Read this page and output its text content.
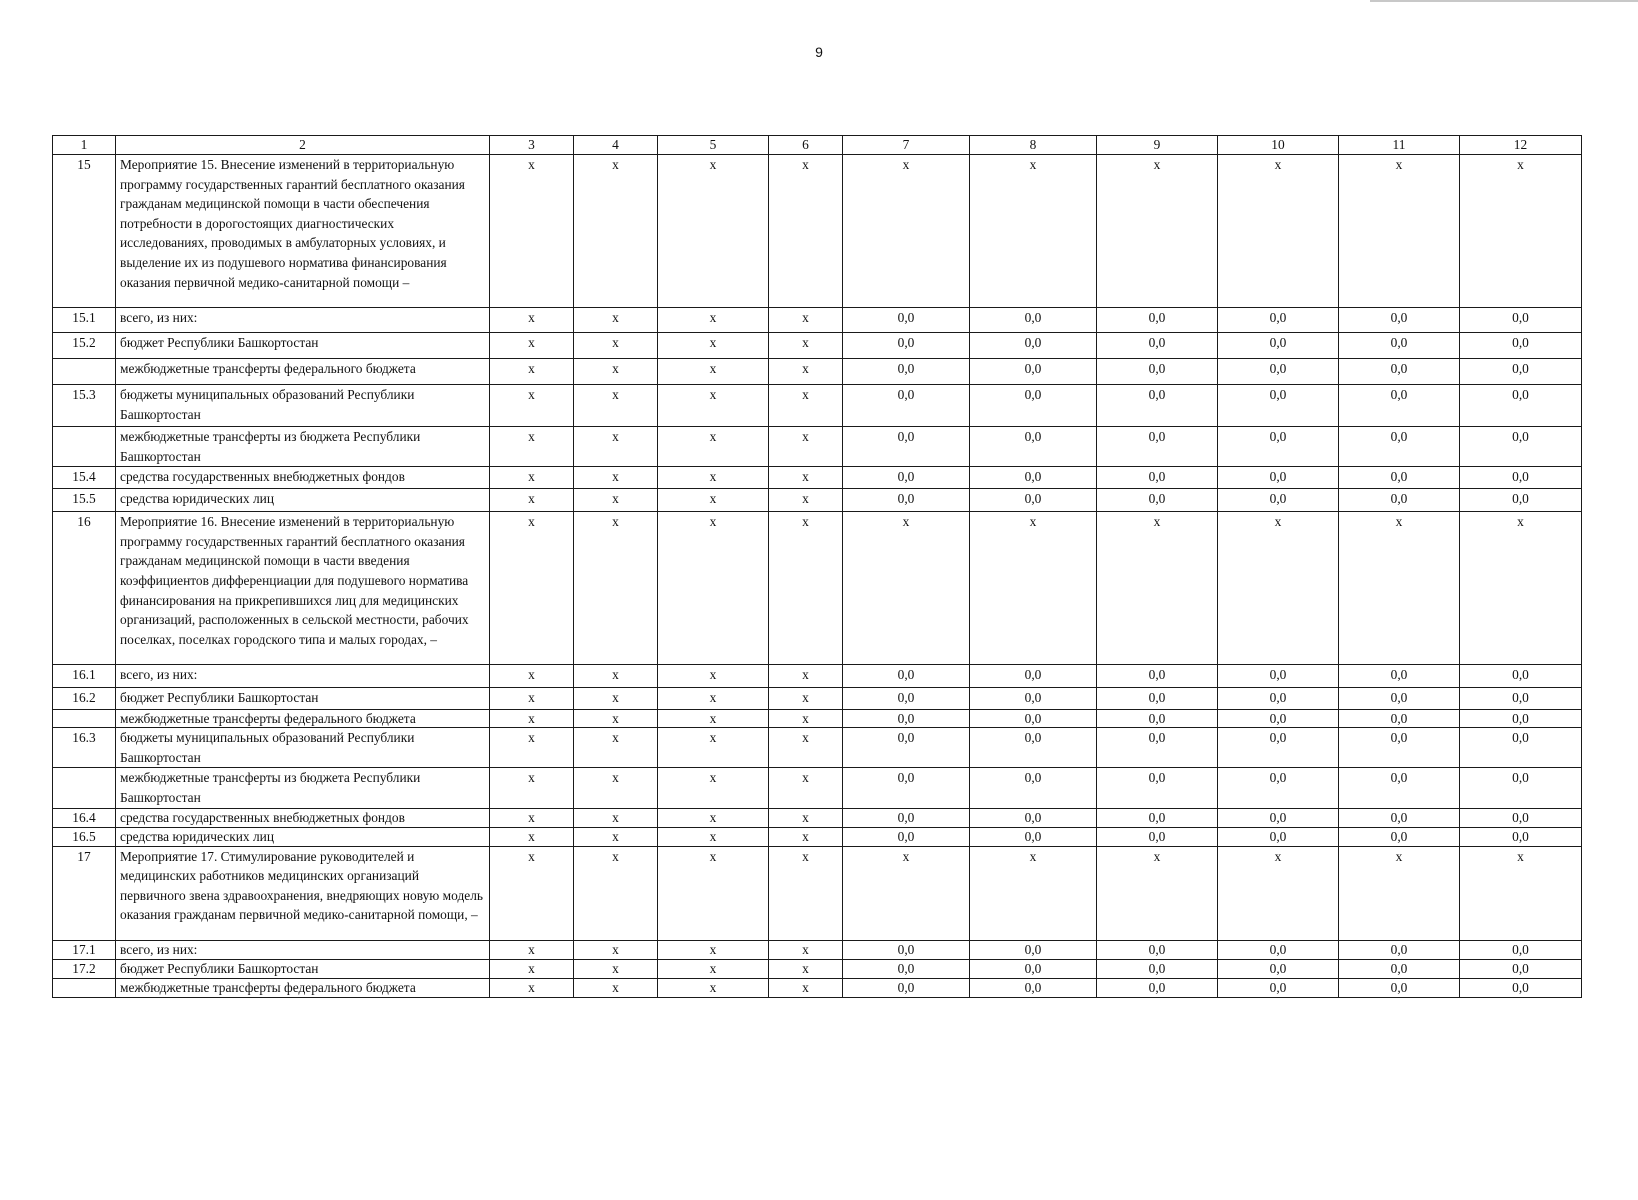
9
1	2	3	4	5	6	7	8	9	10	11	12
15	Мероприятие 15. Внесение изменений в территориальную программу государственных гарантий бесплатного оказания гражданам медицинской помощи в части обеспечения потребности в дорогостоящих диагностических исследованиях, проводимых в амбулаторных условиях, и выделение их из подушевого норматива финансирования оказания первичной медико-санитарной помощи –	х	х	х	х	х	х	х	х	х	х
15.1	всего, из них:	х	х	х	х	0,0	0,0	0,0	0,0	0,0	0,0
15.2	бюджет Республики Башкортостан	х	х	х	х	0,0	0,0	0,0	0,0	0,0	0,0
	межбюджетные трансферты федерального бюджета	х	х	х	х	0,0	0,0	0,0	0,0	0,0	0,0
15.3	бюджеты муниципальных образований Республики Башкортостан	х	х	х	х	0,0	0,0	0,0	0,0	0,0	0,0
	межбюджетные трансферты из бюджета Республики Башкортостан	х	х	х	х	0,0	0,0	0,0	0,0	0,0	0,0
15.4	средства государственных внебюджетных фондов	х	х	х	х	0,0	0,0	0,0	0,0	0,0	0,0
15.5	средства юридических лиц	х	х	х	х	0,0	0,0	0,0	0,0	0,0	0,0
16	Мероприятие 16. Внесение изменений в территориальную программу государственных гарантий бесплатного оказания гражданам медицинской помощи в части введения коэффициентов дифференциации для подушевого норматива финансирования на прикрепившихся лиц для медицинских организаций, расположенных в сельской местности, рабочих поселках, поселках городского типа и малых городах, –	х	х	х	х	х	х	х	х	х	х
16.1	всего, из них:	х	х	х	х	0,0	0,0	0,0	0,0	0,0	0,0
16.2	бюджет Республики Башкортостан	х	х	х	х	0,0	0,0	0,0	0,0	0,0	0,0
	межбюджетные трансферты федерального бюджета	х	х	х	х	0,0	0,0	0,0	0,0	0,0	0,0
16.3	бюджеты муниципальных образований Республики Башкортостан	х	х	х	х	0,0	0,0	0,0	0,0	0,0	0,0
	межбюджетные трансферты из бюджета Республики Башкортостан	х	х	х	х	0,0	0,0	0,0	0,0	0,0	0,0
16.4	средства государственных внебюджетных фондов	х	х	х	х	0,0	0,0	0,0	0,0	0,0	0,0
16.5	средства юридических лиц	х	х	х	х	0,0	0,0	0,0	0,0	0,0	0,0
17	Мероприятие 17. Стимулирование руководителей и медицинских работников медицинских организаций первичного звена здравоохранения, внедряющих новую модель оказания гражданам первичной медико-санитарной помощи, –	х	х	х	х	х	х	х	х	х	х
17.1	всего, из них:	х	х	х	х	0,0	0,0	0,0	0,0	0,0	0,0
17.2	бюджет Республики Башкортостан	х	х	х	х	0,0	0,0	0,0	0,0	0,0	0,0
	межбюджетные трансферты федерального бюджета	х	х	х	х	0,0	0,0	0,0	0,0	0,0	0,0
